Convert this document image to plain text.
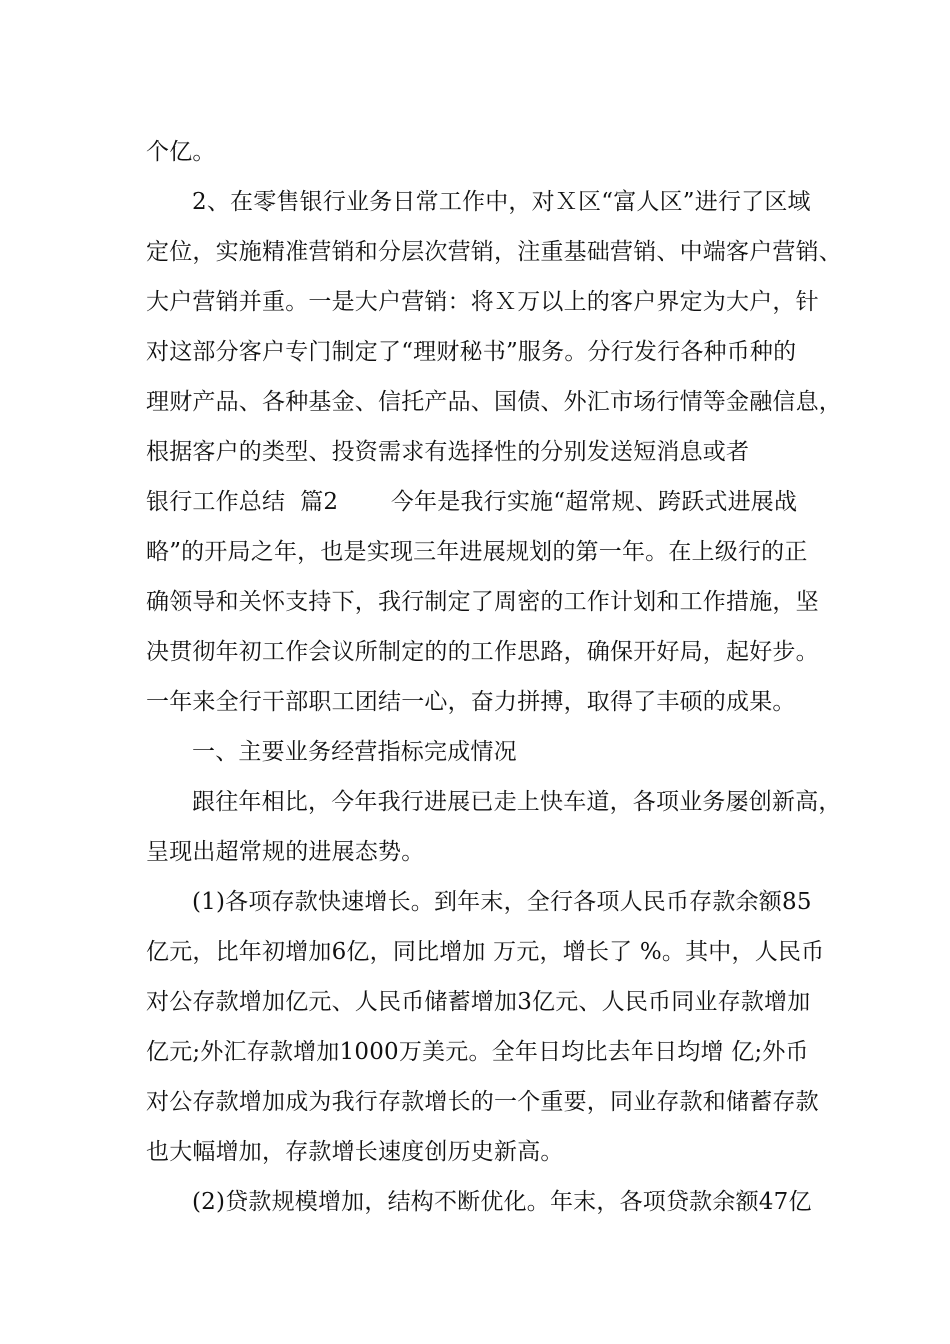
个亿。
2、在零售银行业务日常工作中，对Ｘ区“富人区”进行了区域
定位，实施精准营销和分层次营销，注重基础营销、中端客户营销、
大户营销并重。一是大户营销：将Ｘ万以上的客户界定为大户，针
对这部分客户专门制定了“理财秘书”服务。分行发行各种币种的
理财产品、各种基金、信托产品、国债、外汇市场行情等金融信息，
根据客户的类型、投资需求有选择性的分别发送短消息或者
银行工作总结  篇2       今年是我行实施“超常规、跨跃式进展战
略”的开局之年，也是实现三年进展规划的第一年。在上级行的正
确领导和关怀支持下，我行制定了周密的工作计划和工作措施，坚
决贯彻年初工作会议所制定的的工作思路，确保开好局，起好步。
一年来全行干部职工团结一心，奋力拼搏，取得了丰硕的成果。
一、主要业务经营指标完成情况
跟往年相比，今年我行进展已走上快车道，各项业务屡创新高，
呈现出超常规的进展态势。
(1)各项存款快速增长。到年末，全行各项人民币存款余额85
亿元，比年初增加6亿，同比增加 万元，增长了 %。其中，人民币
对公存款增加亿元、人民币储蓄增加3亿元、人民币同业存款增加
亿元;外汇存款增加1000万美元。全年日均比去年日均增 亿;外币
对公存款增加成为我行存款增长的一个重要，同业存款和储蓄存款
也大幅增加，存款增长速度创历史新高。
(2)贷款规模增加，结构不断优化。年末，各项贷款余额47亿
